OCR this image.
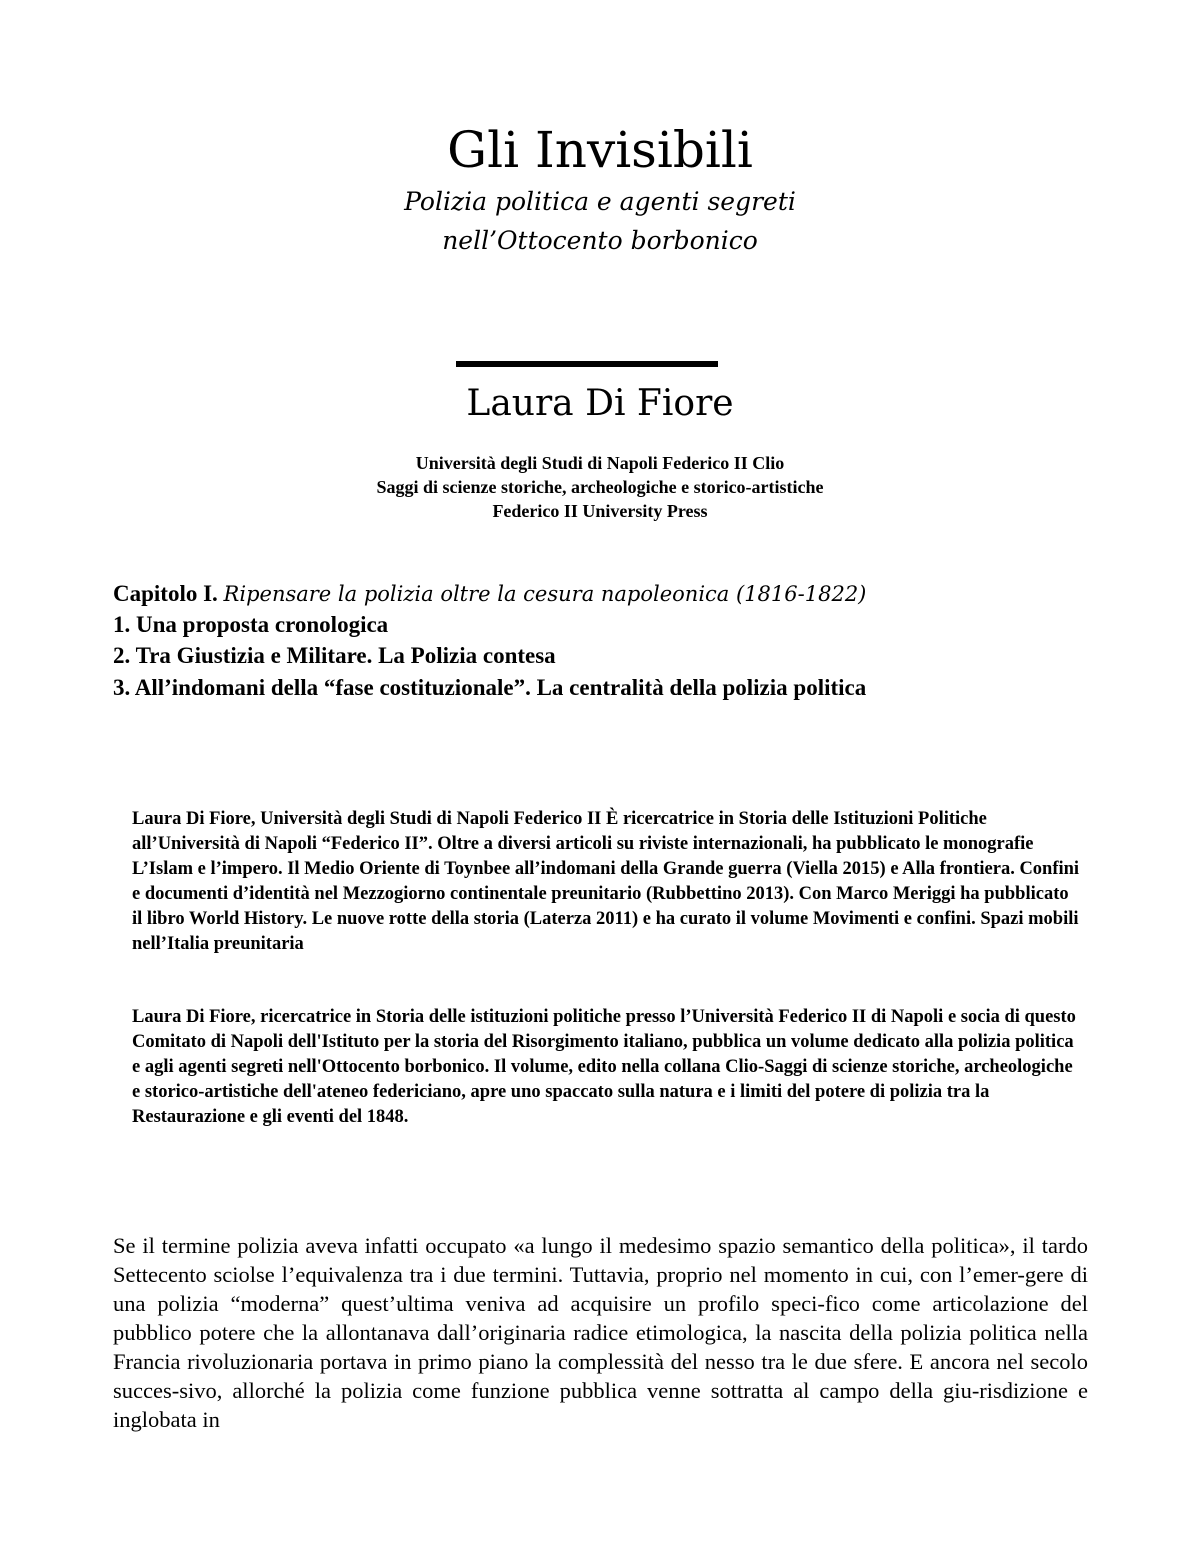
Gli Invisibili
Polizia politica e agenti segreti
nell’Ottocento borbonico
Laura Di Fiore
Università degli Studi di Napoli Federico II Clio
Saggi di scienze storiche, archeologiche e storico-artistiche
Federico II University Press
Capitolo I. Ripensare la polizia oltre la cesura napoleonica (1816-1822)
1. Una proposta cronologica
2. Tra Giustizia e Militare. La Polizia contesa
3. All’indomani della “fase costituzionale”. La centralità della polizia politica
Laura Di Fiore, Università degli Studi di Napoli Federico II È ricercatrice in Storia delle Istituzioni Politiche all’Università di Napoli “Federico II”. Oltre a diversi articoli su riviste internazionali, ha pubblicato le monografie L’Islam e l’impero. Il Medio Oriente di Toynbee all’indomani della Grande guerra (Viella 2015) e Alla frontiera. Confini e documenti d’identità nel Mezzogiorno continentale preunitario (Rubbettino 2013). Con Marco Meriggi ha pubblicato il libro World History. Le nuove rotte della storia (Laterza 2011) e ha curato il volume Movimenti e confini. Spazi mobili nell’Italia preunitaria
Laura Di Fiore, ricercatrice in Storia delle istituzioni politiche presso l’Università Federico II di Napoli e socia di questo Comitato di Napoli dell'Istituto per la storia del Risorgimento italiano, pubblica un volume dedicato alla polizia politica e agli agenti segreti nell'Ottocento borbonico. Il volume, edito nella collana Clio-Saggi di scienze storiche, archeologiche e storico-artistiche dell'ateneo federiciano, apre uno spaccato sulla natura e i limiti del potere di polizia tra la Restaurazione e gli eventi del 1848.
Se il termine polizia aveva infatti occupato «a lungo il medesimo spazio semantico della politica», il tardo Settecento sciolse l’equivalenza tra i due termini. Tuttavia, proprio nel momento in cui, con l’emer-gere di una polizia “moderna” quest’ultima veniva ad acquisire un profilo speci-fico come articolazione del pubblico potere che la allontanava dall’originaria radice etimologica, la nascita della polizia politica nella Francia rivoluzionaria portava in primo piano la complessità del nesso tra le due sfere. E ancora nel secolo succes-sivo, allorché la polizia come funzione pubblica venne sottratta al campo della giu-risdizione e inglobata in
